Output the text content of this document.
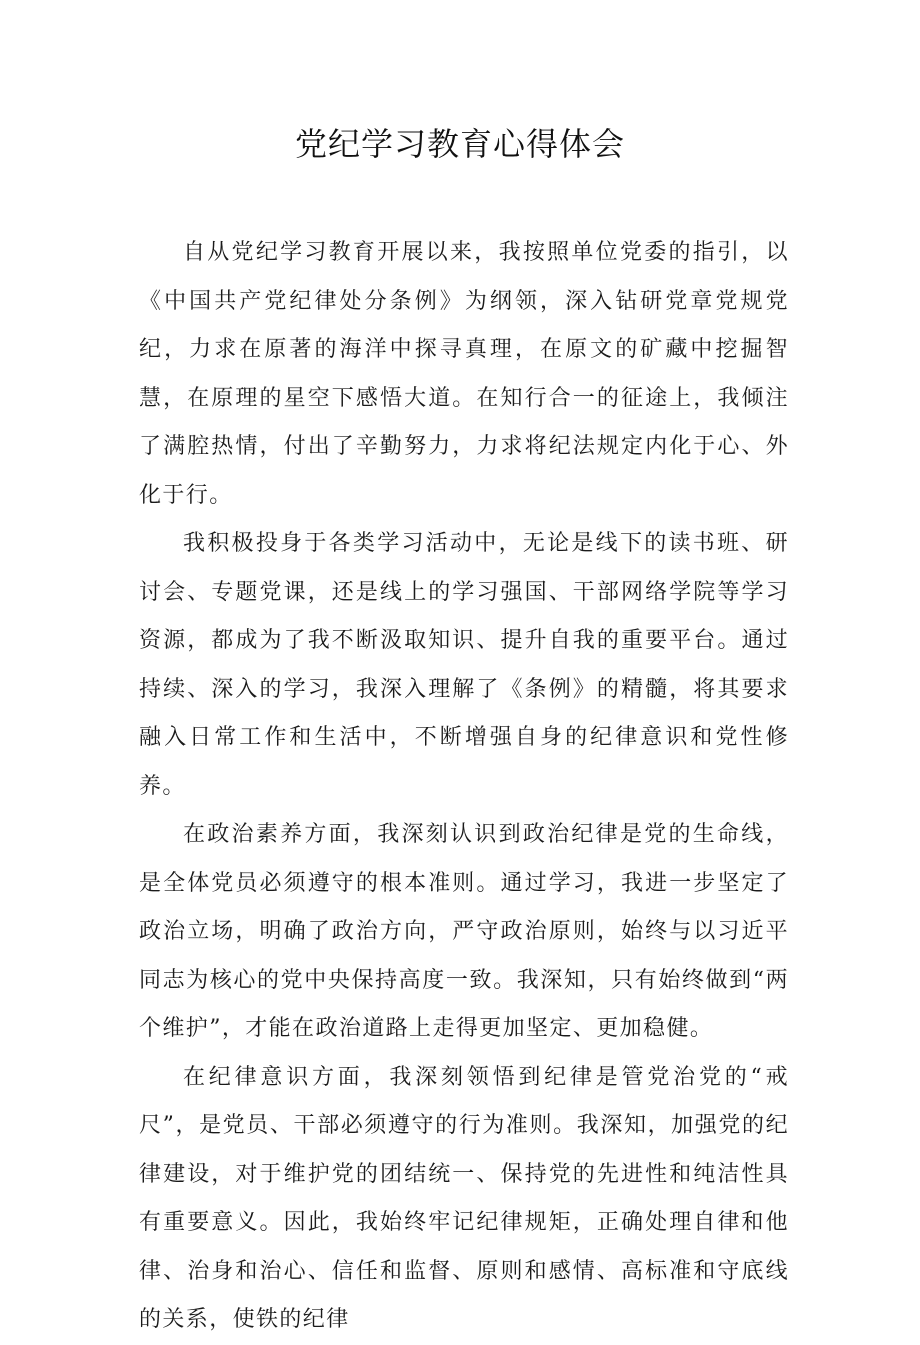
党纪学习教育心得体会

自从党纪学习教育开展以来，我按照单位党委的指引，以《中国共产党纪律处分条例》为纲领，深入钻研党章党规党纪，力求在原著的海洋中探寻真理，在原文的矿藏中挖掘智慧，在原理的星空下感悟大道。在知行合一的征途上，我倾注了满腔热情，付出了辛勤努力，力求将纪法规定内化于心、外化于行。

我积极投身于各类学习活动中，无论是线下的读书班、研讨会、专题党课，还是线上的学习强国、干部网络学院等学习资源，都成为了我不断汲取知识、提升自我的重要平台。通过持续、深入的学习，我深入理解了《条例》的精髓，将其要求融入日常工作和生活中，不断增强自身的纪律意识和党性修养。

在政治素养方面，我深刻认识到政治纪律是党的生命线，是全体党员必须遵守的根本准则。通过学习，我进一步坚定了政治立场，明确了政治方向，严守政治原则，始终与以习近平同志为核心的党中央保持高度一致。我深知，只有始终做到“两个维护”，才能在政治道路上走得更加坚定、更加稳健。

在纪律意识方面，我深刻领悟到纪律是管党治党的“戒尺”，是党员、干部必须遵守的行为准则。我深知，加强党的纪律建设，对于维护党的团结统一、保持党的先进性和纯洁性具有重要意义。因此，我始终牢记纪律规矩，正确处理自律和他律、治身和治心、信任和监督、原则和感情、高标准和守底线的关系，使铁的纪律
